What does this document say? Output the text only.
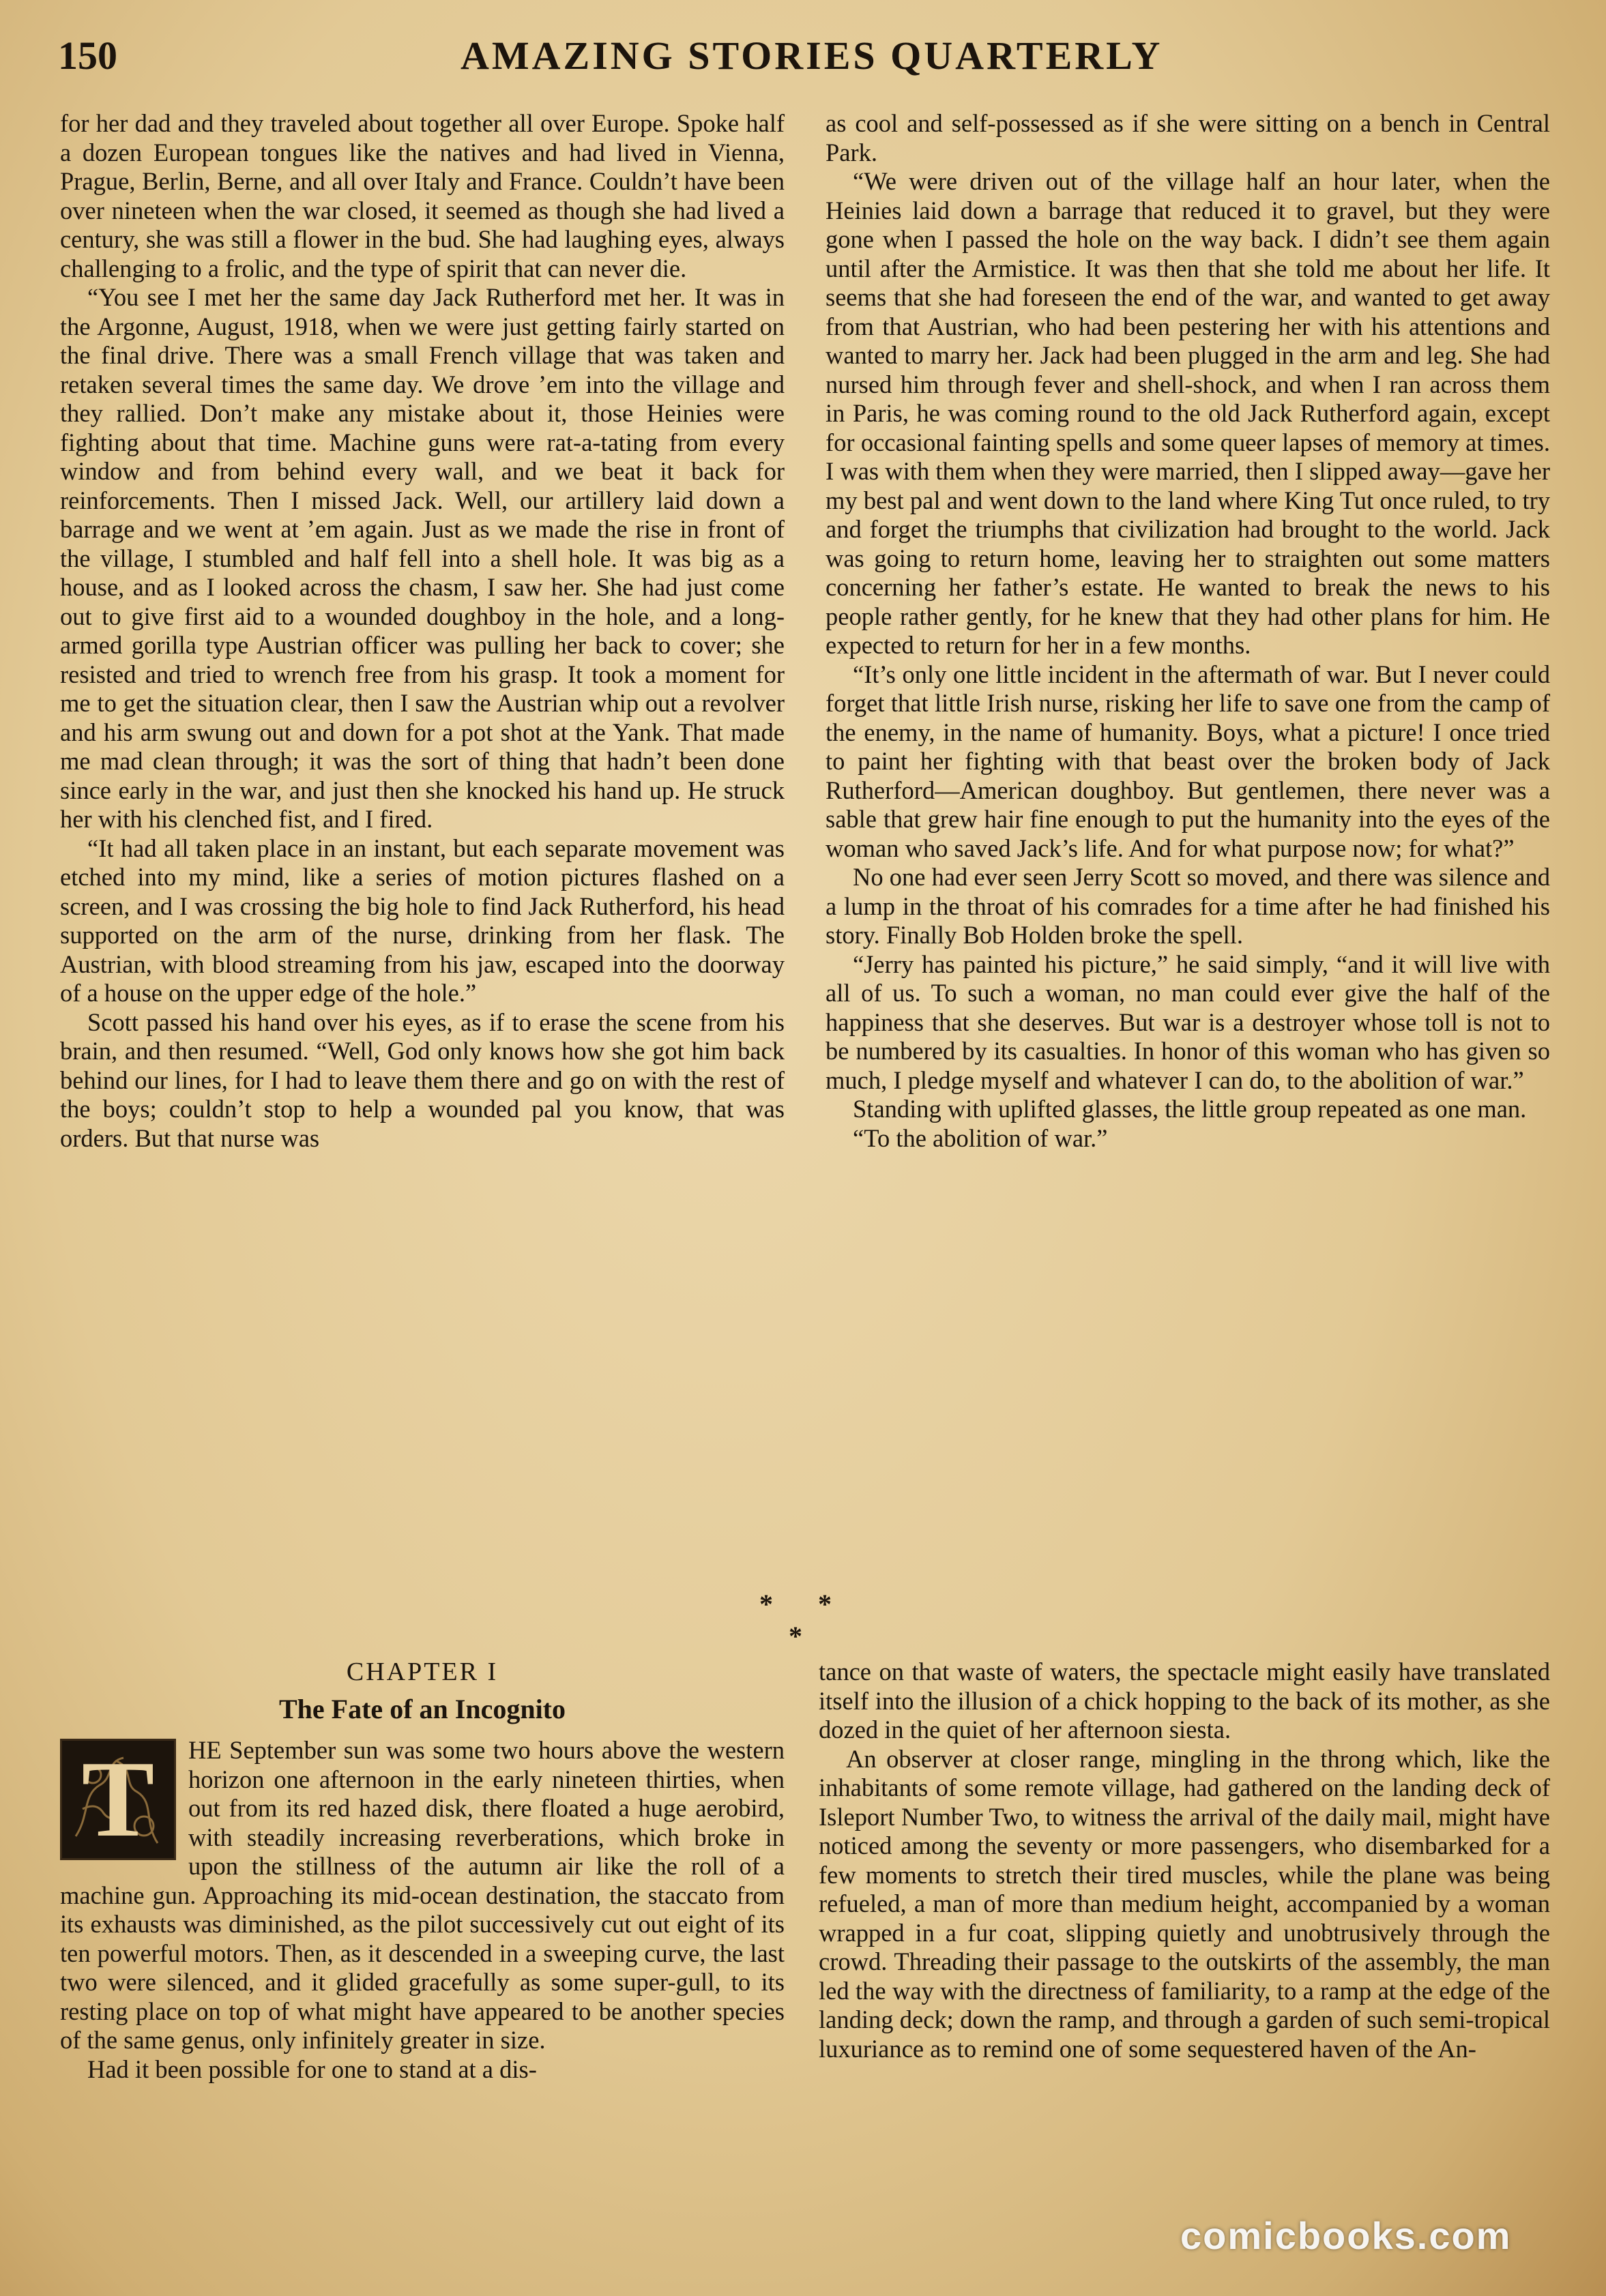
150	AMAZING STORIES QUARTERLY

for her dad and they traveled about together all over Europe. Spoke half a dozen European tongues like the natives and had lived in Vienna, Prague, Berlin, Berne, and all over Italy and France. Couldn’t have been over nineteen when the war closed, it seemed as though she had lived a century, she was still a flower in the bud. She had laughing eyes, always challenging to a frolic, and the type of spirit that can never die.

“You see I met her the same day Jack Rutherford met her. It was in the Argonne, August, 1918, when we were just getting fairly started on the final drive. There was a small French village that was taken and retaken several times the same day. We drove ’em into the village and they rallied. Don’t make any mistake about it, those Heinies were fighting about that time. Machine guns were rat-a-tating from every window and from behind every wall, and we beat it back for reinforcements. Then I missed Jack. Well, our artillery laid down a barrage and we went at ’em again. Just as we made the rise in front of the village, I stumbled and half fell into a shell hole. It was big as a house, and as I looked across the chasm, I saw her. She had just come out to give first aid to a wounded doughboy in the hole, and a long-armed gorilla type Austrian officer was pulling her back to cover; she resisted and tried to wrench free from his grasp. It took a moment for me to get the situation clear, then I saw the Austrian whip out a revolver and his arm swung out and down for a pot shot at the Yank. That made me mad clean through; it was the sort of thing that hadn’t been done since early in the war, and just then she knocked his hand up. He struck her with his clenched fist, and I fired.

“It had all taken place in an instant, but each separate movement was etched into my mind, like a series of motion pictures flashed on a screen, and I was crossing the big hole to find Jack Rutherford, his head supported on the arm of the nurse, drinking from her flask. The Austrian, with blood streaming from his jaw, escaped into the doorway of a house on the upper edge of the hole.”

Scott passed his hand over his eyes, as if to erase the scene from his brain, and then resumed. “Well, God only knows how she got him back behind our lines, for I had to leave them there and go on with the rest of the boys; couldn’t stop to help a wounded pal you know, that was orders. But that nurse was

as cool and self-possessed as if she were sitting on a bench in Central Park.

“We were driven out of the village half an hour later, when the Heinies laid down a barrage that reduced it to gravel, but they were gone when I passed the hole on the way back. I didn’t see them again until after the Armistice. It was then that she told me about her life. It seems that she had foreseen the end of the war, and wanted to get away from that Austrian, who had been pestering her with his attentions and wanted to marry her. Jack had been plugged in the arm and leg. She had nursed him through fever and shell-shock, and when I ran across them in Paris, he was coming round to the old Jack Rutherford again, except for occasional fainting spells and some queer lapses of memory at times. I was with them when they were married, then I slipped away—gave her my best pal and went down to the land where King Tut once ruled, to try and forget the triumphs that civilization had brought to the world. Jack was going to return home, leaving her to straighten out some matters concerning her father’s estate. He wanted to break the news to his people rather gently, for he knew that they had other plans for him. He expected to return for her in a few months.

“It’s only one little incident in the aftermath of war. But I never could forget that little Irish nurse, risking her life to save one from the camp of the enemy, in the name of humanity. Boys, what a picture! I once tried to paint her fighting with that beast over the broken body of Jack Rutherford—American doughboy. But gentlemen, there never was a sable that grew hair fine enough to put the humanity into the eyes of the woman who saved Jack’s life. And for what purpose now; for what?”

No one had ever seen Jerry Scott so moved, and there was silence and a lump in the throat of his comrades for a time after he had finished his story. Finally Bob Holden broke the spell.

“Jerry has painted his picture,” he said simply, “and it will live with all of us. To such a woman, no man could ever give the half of the happiness that she deserves. But war is a destroyer whose toll is not to be numbered by its casualties. In honor of this woman who has given so much, I pledge myself and whatever I can do, to the abolition of war.”

Standing with uplifted glasses, the little group repeated as one man.

“To the abolition of war.”

* * *
CHAPTER I
The Fate of an Incognito
T	HE September sun was some two hours above the western horizon one afternoon in the early nineteen thirties, when out from its red hazed disk, there floated a huge aerobird, with steadily increasing reverberations, which broke in upon the stillness of the autumn air like the roll of a machine gun. Approaching its mid-ocean destination, the staccato from its exhausts was diminished, as the pilot successively cut out eight of its ten powerful motors. Then, as it descended in a sweeping curve, the last two were silenced, and it glided gracefully as some super-gull, to its resting place on top of what might have appeared to be another species of the same genus, only infinitely greater in size.

Had it been possible for one to stand at a dis-

tance on that waste of waters, the spectacle might easily have translated itself into the illusion of a chick hopping to the back of its mother, as she dozed in the quiet of her afternoon siesta.

An observer at closer range, mingling in the throng which, like the inhabitants of some remote village, had gathered on the landing deck of Isleport Number Two, to witness the arrival of the daily mail, might have noticed among the seventy or more passengers, who disembarked for a few moments to stretch their tired muscles, while the plane was being refueled, a man of more than medium height, accompanied by a woman wrapped in a fur coat, slipping quietly and unobtrusively through the crowd. Threading their passage to the outskirts of the assembly, the man led the way with the directness of familiarity, to a ramp at the edge of the landing deck; down the ramp, and through a garden of such semi-tropical luxuriance as to remind one of some sequestered haven of the An-

comicbooks.com
